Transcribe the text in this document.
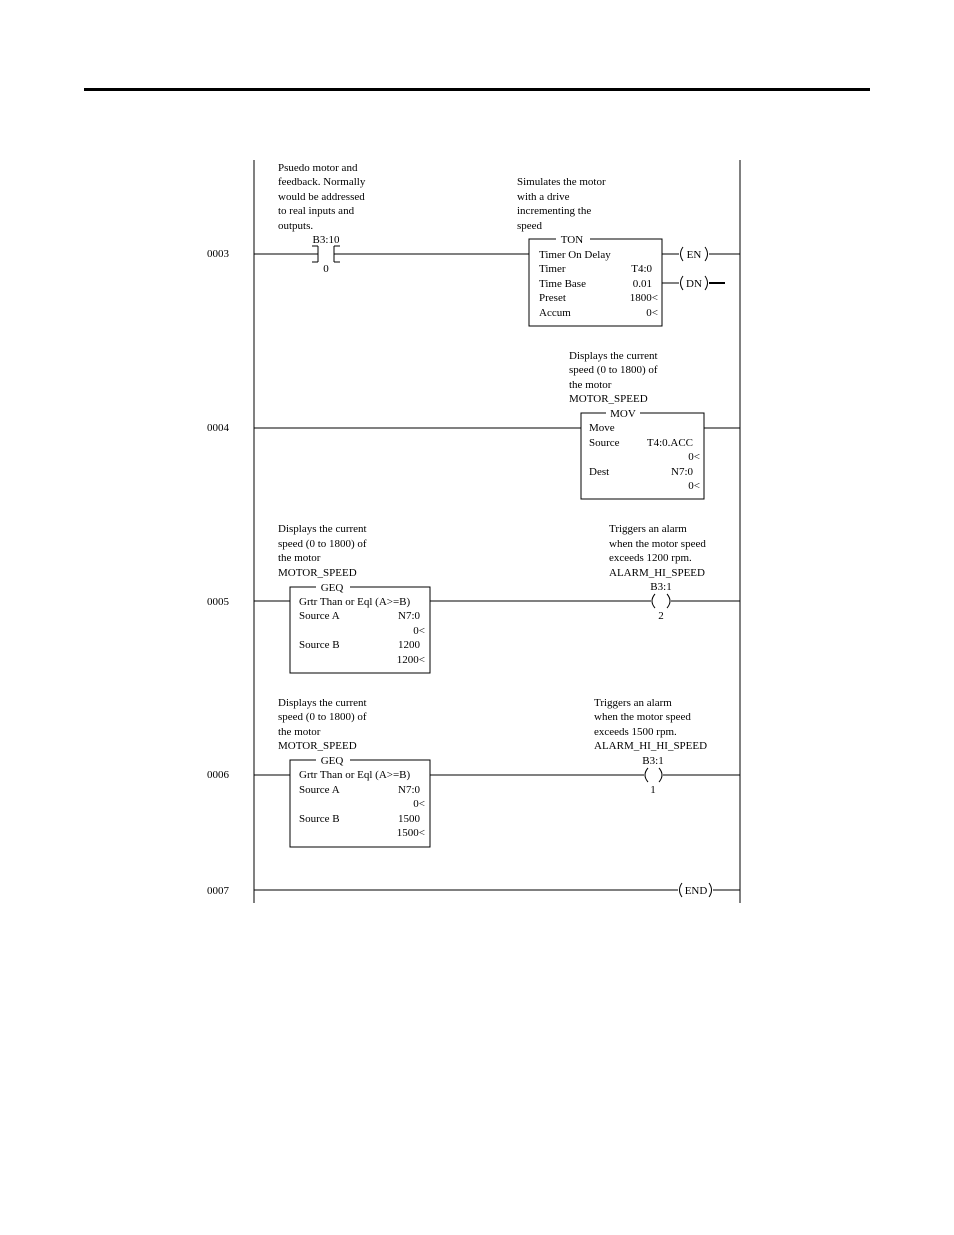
0003
Psuedo motor and
feedback. Normally
would be addressed
to real inputs and
outputs.
Simulates the motor
with a drive
incrementing the
speed
B3:10
0
TON
Timer On Delay
Timer	T4:0
Time Base	0.01
Preset	1800<
Accum	0<
EN
DN
0004
Displays the current
speed (0 to 1800) of
the motor
MOTOR_SPEED
MOV
Move
Source T4:0.ACC
0<
Dest	N7:0
0<
0005
Displays the current
speed (0 to 1800) of
the motor
MOTOR_SPEED
Triggers an alarm
when the motor speed
exceeds 1200 rpm.
ALARM_HI_SPEED
GEQ
Grtr Than or Eql (A>=B)
Source A	N7:0
0<
Source B	1200
1200<
B3:1
2
0006
Displays the current
speed (0 to 1800) of
the motor
MOTOR_SPEED
Triggers an alarm
when the motor speed
exceeds 1500 rpm.
ALARM_HI_HI_SPEED
GEQ
Grtr Than or Eql (A>=B)
Source A	N7:0
0<
Source B	1500
1500<
B3:1
1
0007	END
